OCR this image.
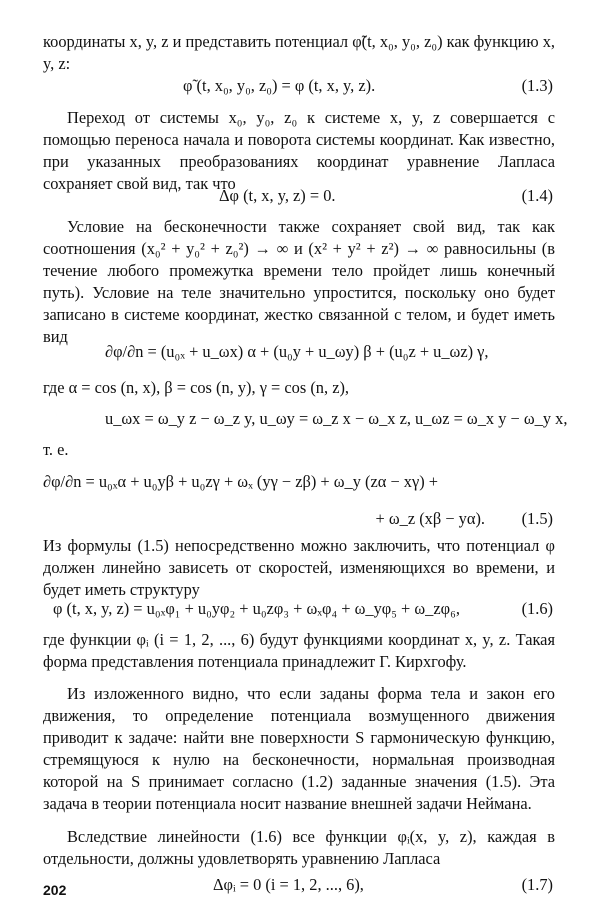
координаты x, y, z и представить потенциал φ̃(t, x₀, y₀, z₀) как функцию x, y, z:

φ̃ (t, x₀, y₀, z₀) = φ (t, x, y, z).	(1.3)

Переход от системы x₀, y₀, z₀ к системе x, y, z совершается с помощью переноса начала и поворота системы координат. Как известно, при указанных преобразованиях координат уравнение Лапласа сохраняет свой вид, так что

Δφ (t, x, y, z) = 0.	(1.4)

Условие на бесконечности также сохраняет свой вид, так как соотношения (x₀² + y₀² + z₀²) → ∞ и (x² + y² + z²) → ∞ равносильны (в течение любого промежутка времени тело пройдет лишь конечный путь). Условие на теле значительно упростится, поскольку оно будет записано в системе координат, жестко связанной с телом, и будет иметь вид

∂φ/∂n = (u₀ₓ + u_ωx) α + (u₀y + u_ωy) β + (u₀z + u_ωz) γ,
где α = cos (n, x), β = cos (n, y), γ = cos (n, z),
u_ωx = ω_y z − ω_z y, u_ωy = ω_z x − ω_x z, u_ωz = ω_x y − ω_y x,
т. е.
∂φ/∂n = u₀ₓα + u₀yβ + u₀zγ + ωₓ (yγ − zβ) + ω_y (zα − xγ) +
+ ω_z (xβ − yα). (1.5)

Из формулы (1.5) непосредственно можно заключить, что потенциал φ должен линейно зависеть от скоростей, изменяющихся во времени, и будет иметь структуру

φ (t, x, y, z) = u₀ₓφ₁ + u₀yφ₂ + u₀zφ₃ + ωₓφ₄ + ω_yφ₅ + ω_zφ₆,	(1.6)

где функции φᵢ (i = 1, 2, ..., 6) будут функциями координат x, y, z. Такая форма представления потенциала принадлежит Г. Кирхгофу.

Из изложенного видно, что если заданы форма тела и закон его движения, то определение потенциала возмущенного движения приводит к задаче: найти вне поверхности S гармоническую функцию, стремящуюся к нулю на бесконечности, нормальная производная которой на S принимает согласно (1.2) заданные значения (1.5). Эта задача в теории потенциала носит название внешней задачи Неймана.

Вследствие линейности (1.6) все функции φᵢ(x, y, z), каждая в отдельности, должны удовлетворять уравнению Лапласа

Δφᵢ = 0 (i = 1, 2, ..., 6),	(1.7)
202
